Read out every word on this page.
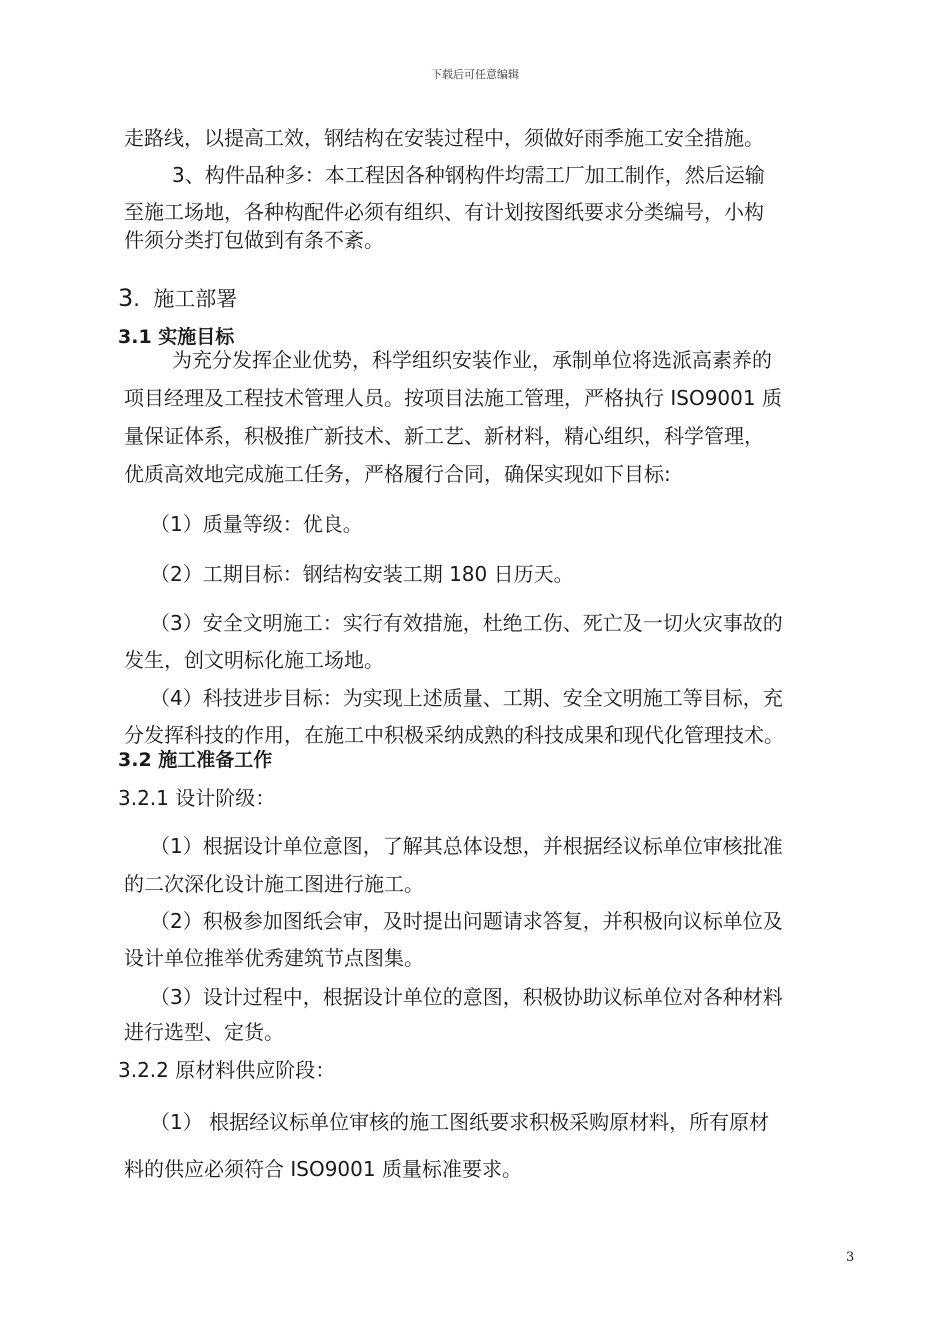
下载后可任意编辑
走路线，以提高工效，钢结构在安装过程中，须做好雨季施工安全措施。
3、构件品种多：本工程因各种钢构件均需工厂加工制作，然后运输
至施工场地，各种构配件必须有组织、有计划按图纸要求分类编号，小构
件须分类打包做到有条不紊。
3.  施工部署
3.1 实施目标
为充分发挥企业优势，科学组织安装作业，承制单位将选派高素养的
项目经理及工程技术管理人员。按项目法施工管理，严格执行 ISO9001 质
量保证体系，积极推广新技术、新工艺、新材料，精心组织，科学管理，
优质高效地完成施工任务，严格履行合同，确保实现如下目标:
（1）质量等级：优良。
（2）工期目标：钢结构安装工期 180 日历天。
（3）安全文明施工：实行有效措施，杜绝工伤、死亡及一切火灾事故的
发生，创文明标化施工场地。
（4）科技进步目标：为实现上述质量、工期、安全文明施工等目标，充
分发挥科技的作用，在施工中积极采纳成熟的科技成果和现代化管理技术。
3.2 施工准备工作
3.2.1 设计阶级：
（1）根据设计单位意图，了解其总体设想，并根据经议标单位审核批准
的二次深化设计施工图进行施工。
（2）积极参加图纸会审，及时提出问题请求答复，并积极向议标单位及
设计单位推举优秀建筑节点图集。
（3）设计过程中，根据设计单位的意图，积极协助议标单位对各种材料
进行选型、定货。
3.2.2 原材料供应阶段：
（1） 根据经议标单位审核的施工图纸要求积极采购原材料，所有原材
料的供应必须符合 ISO9001 质量标准要求。
3
